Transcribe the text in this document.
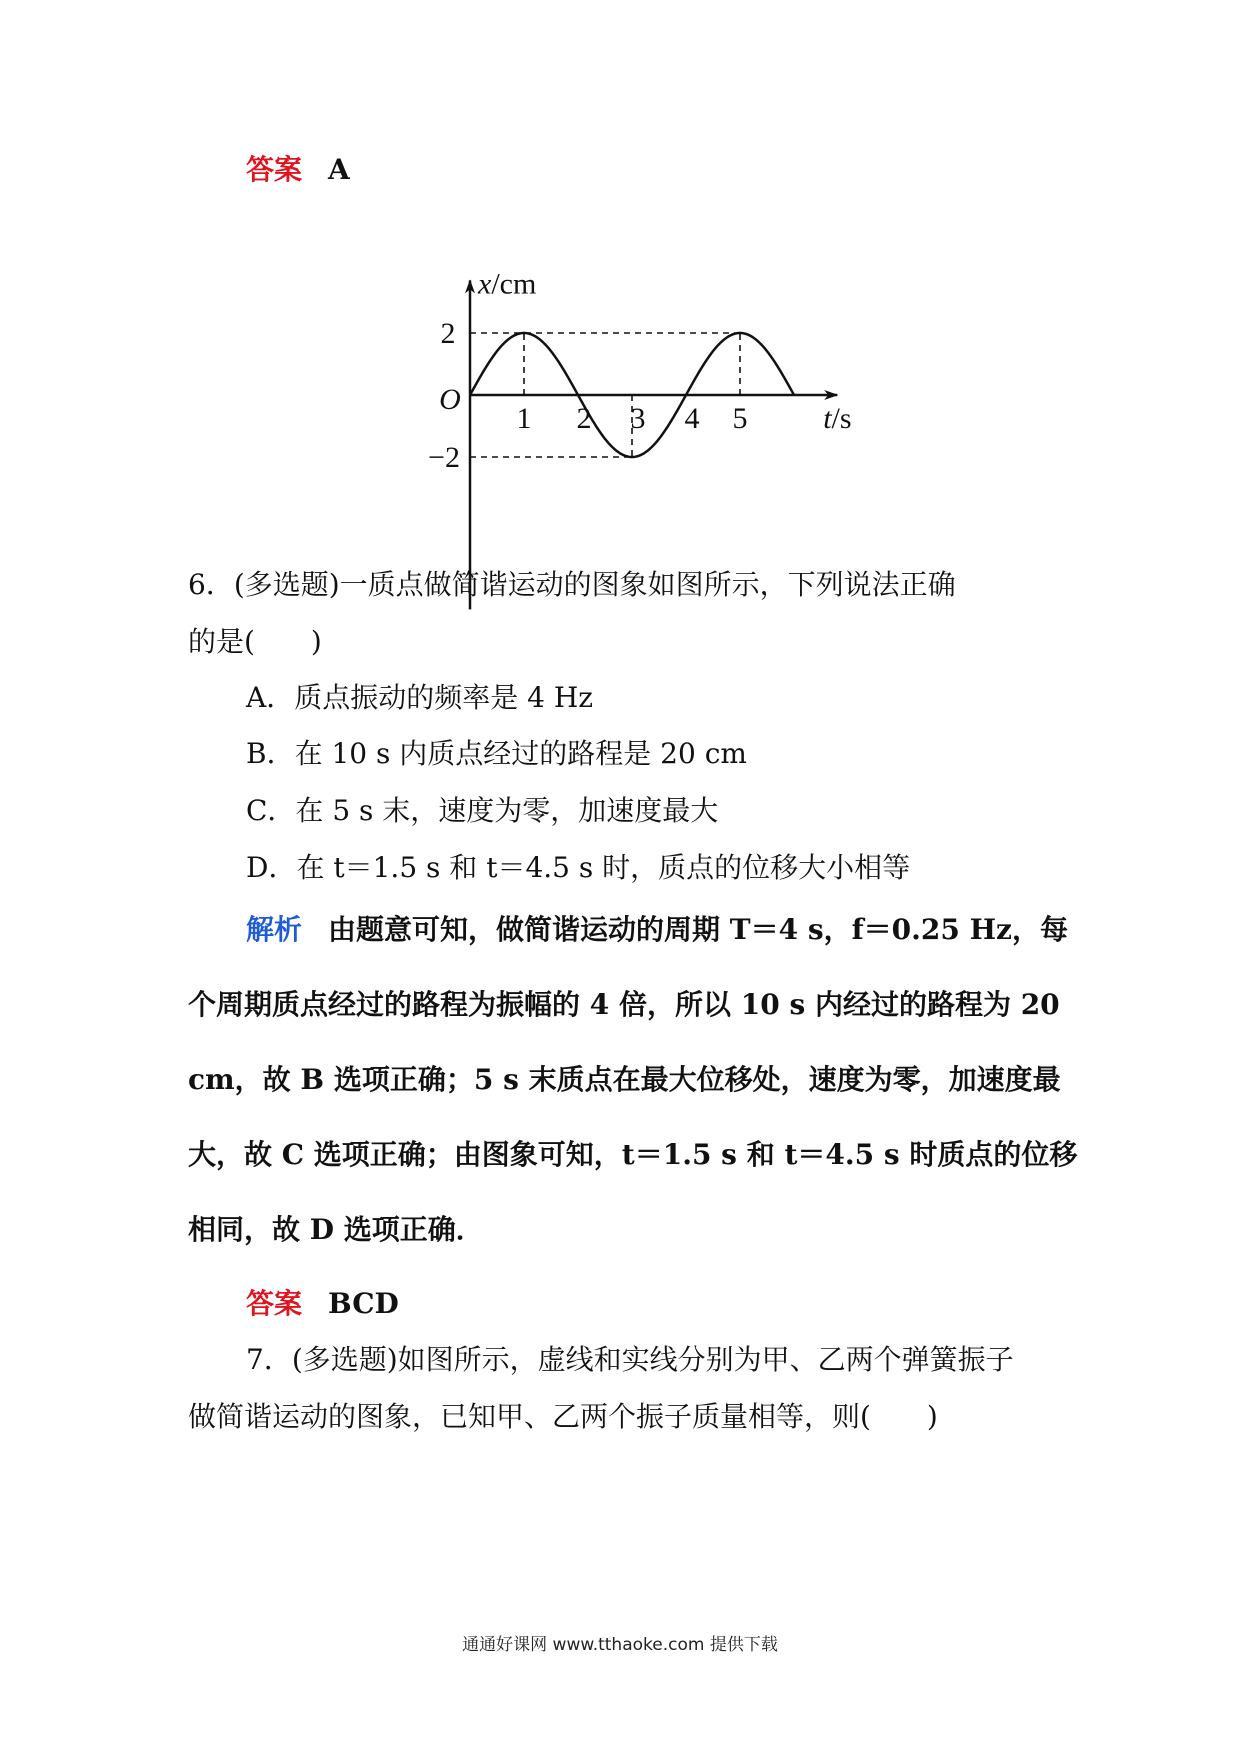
答案 A
1 2 3 4 5
2
−2
O
x/cm
t/s
6．(多选题)一质点做简谐运动的图象如图所示，下列说法正确
的是(　　)
A．质点振动的频率是 4 Hz
B．在 10 s 内质点经过的路程是 20 cm
C．在 5 s 末，速度为零，加速度最大
D．在 t＝1.5 s 和 t＝4.5 s 时，质点的位移大小相等
解析 由题意可知，做简谐运动的周期 T＝4 s，f＝0.25 Hz，每
个周期质点经过的路程为振幅的 4 倍，所以 10 s 内经过的路程为 20
cm，故 B 选项正确；5 s 末质点在最大位移处，速度为零，加速度最
大，故 C 选项正确；由图象可知，t＝1.5 s 和 t＝4.5 s 时质点的位移
相同，故 D 选项正确．
答案 BCD
7．(多选题)如图所示，虚线和实线分别为甲、乙两个弹簧振子
做简谐运动的图象，已知甲、乙两个振子质量相等，则(　　)
通通好课网 www.tthaoke.com 提供下载
